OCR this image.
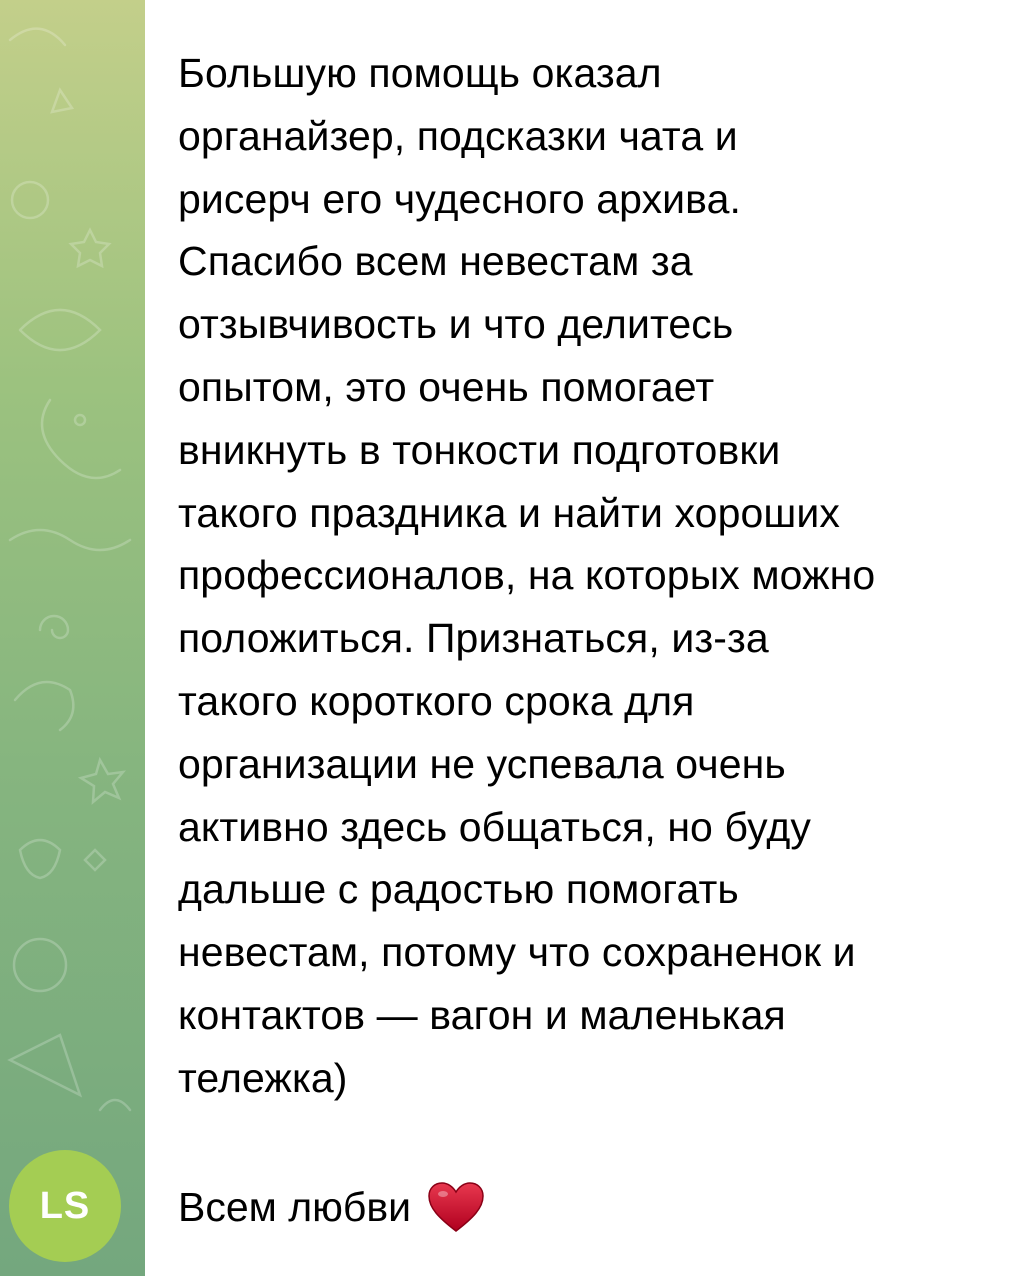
LS

Большую помощь оказал
органайзер, подсказки чата и
рисерч его чудесного архива.
Спасибо всем невестам за
отзывчивость и что делитесь
опытом, это очень помогает
вникнуть в тонкости подготовки
такого праздника и найти хороших
профессионалов, на которых можно
положиться. Признаться, из-за
такого короткого срока для
организации не успевала очень
активно здесь общаться, но буду
дальше с радостью помогать
невестам, потому что сохраненок и
контактов — вагон и маленькая
тележка)

Всем любви
